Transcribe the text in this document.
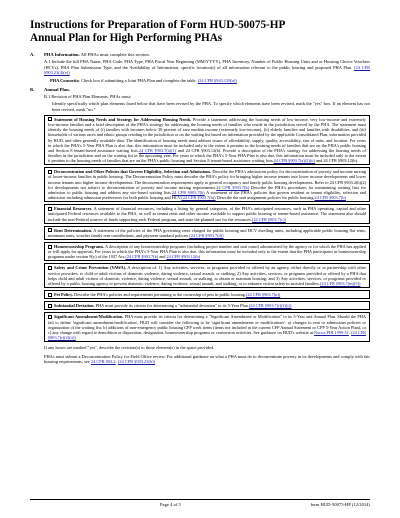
Instructions for Preparation of Form HUD-50075-HP
Annual Plan for High Performing PHAs
A. PHA Information. All PHAs must complete this section.
A.1 Include the full PHA Name, PHA Code, PHA Type, PHA Fiscal Year Beginning (MM/YYYY), PHA Inventory, Number of Public Housing Units and or Housing Choice Vouchers (HCVs), PHA Plan Submission Type, and the Availability of Information, specific location(s) of all information relevant to the public hearing and proposed PHA Plan. (24 CFR §903.23(4)(e))
PHA Consortia: Check box if submitting a Joint PHA Plan and complete the table. (24 CFR §943.128(a))
B. Annual Plan.
B.1 Revision of PHA Plan Elements. PHAs must:
Identify specifically which plan elements listed below that have been revised by the PHA. To specify which elements have been revised, mark the "yes" box. If an element has not been revised, mark "no."
Statement of Housing Needs and Strategy for Addressing Housing Needs. Provide a statement addressing the housing needs of low-income, very low-income and extremely low-income families and a brief description of the PHA's strategy for addressing the housing needs of families who reside in the jurisdiction served by the PHA. The statement must identify the housing needs of (i) families with incomes below 30 percent of area median income (extremely low-income), (ii) elderly families and families with disabilities, and (iii) households of various races and ethnic groups residing in the jurisdiction or on the waiting list based on information provided by the applicable Consolidated Plan, information provided by HUD, and other generally available data. The identification of housing needs must address issues of affordability, supply, quality, accessibility, size of units, and location. For years in which the PHA's 5-Year PHA Plan is also due, this information must be included only to the extent it pertains to the housing needs of families that are on the PHA's public housing and Section 8 tenant-based assistance waiting lists.24 CFR §903.7(a)(1) and 24 CFR §903.12(b). Provide a description of the PHA's strategy for addressing the housing needs of families in the jurisdiction and on the waiting list in the upcoming year. For years in which the PHA's 5-Year PHA Plan is also due, this information must be included only to the extent it pertains to the housing needs of families that are on the PHA's public housing and Section 8 tenant-based assistance waiting lists.24 CFR §903.7(a)(2)(ii) and 24 CFR §903.12(b).
Deconcentration and Other Policies that Govern Eligibility, Selection and Admissions. Describe the PHA's admissions policy for deconcentration of poverty and income mixing of lower-income families in public housing. The Deconcentration Policy must describe the PHA's policy for bringing higher income tenants into lower income developments and lower income tenants into higher income developments. The deconcentration requirements apply to general occupancy and family public housing developments. Refer to 24 CFR §903.2(b)(2) for developments not subject to deconcentration of poverty and income mixing requirements.24 CFR §903.7(b) Describe the PHA's procedures for maintaining waiting lists for admission to public housing and address any site-based waiting lists.24 CFR §903.7(b) A statement of the PHA's policies that govern resident or tenant eligibility, selection and admission including admission preferences for both public housing and HCV.(24 CFR §903.7(b)) Describe the unit assignment policies for public housing.24 CFR §903.7(b)
Financial Resources. A statement of financial resources, including a listing by general categories, of the PHA's anticipated resources, such as PHA operating, capital and other anticipated Federal resources available to the PHA, as well as tenant rents and other income available to support public housing or tenant-based assistance. The statement also should include the non-Federal sources of funds supporting each Federal program, and state the planned use for the resources.(24 CFR §903.7(c))
Rent Determination. A statement of the policies of the PHA governing rents charged for public housing and HCV dwelling units, including applicable public housing flat rents, minimum rents, voucher family rent contributions, and payment standard policies.(24 CFR §903.7(d))
Homeownership Programs. A description of any homeownership programs (including project number and unit count) administered by the agency or for which the PHA has applied or will apply for approval. For years in which the PHA's 5-Year PHA Plan is also due, this information must be included only to the extent that the PHA participates in homeownership programs under section 8(y) of the 1937 Act.(24 CFR §903.7(k) and 24 CFR §903.12(b)
Safety and Crime Prevention (VAWA). A description of: 1) Any activities, services, or programs provided or offered by an agency, either directly or in partnership with other service providers, to child or adult victims of domestic violence, dating violence, sexual assault, or stalking; 2) Any activities, services, or programs provided or offered by a PHA that helps child and adult victims of domestic violence, dating violence, sexual assault, or stalking, to obtain or maintain housing; and 3) Any activities, services, or programs provided or offered by a public housing agency to prevent domestic violence, dating violence, sexual assault, and stalking, or to enhance victim safety in assisted families.(24 CFR §903.7(m)(5))
Pet Policy. Describe the PHA's policies and requirements pertaining to the ownership of pets in public housing.(24 CFR §903.7(n))
Substantial Deviation. PHA must provide its criteria for determining a "substantial deviation" to its 5-Year Plan.(24 CFR §903.7(r)(2)(i))
Significant Amendment/Modification. PHA must provide its criteria for determining a "Significant Amendment or Modification" to its 5-Year and Annual Plan. Should the PHA fail to define 'significant amendment/modification', HUD will consider the following to be 'significant amendments or modifications': a) changes to rent or admissions policies or organization of the waiting list; b) additions of non-emergency public housing CFP work items (items not included in the current CFP Annual Statement or CFP 5-Year Action Plan); or c) any change with regard to demolition or disposition, designation, homeownership programs or conversion activities. See guidance on HUD's website at:Notice PIH 1999-51. (24 CFR §903.7(r)(2)(ii))
If any boxes are marked "yes", describe the revision(s) to those element(s) in the space provided.
PHAs must submit a Deconcentration Policy for Field Office review. For additional guidance on what a PHA must do to deconcentrate poverty in its developments and comply with fair housing requirements, see 24 CFR 903.2. (24 CFR §903.23(b))
Page 4 of 5	form HUD-50075-HP (12/2014)
